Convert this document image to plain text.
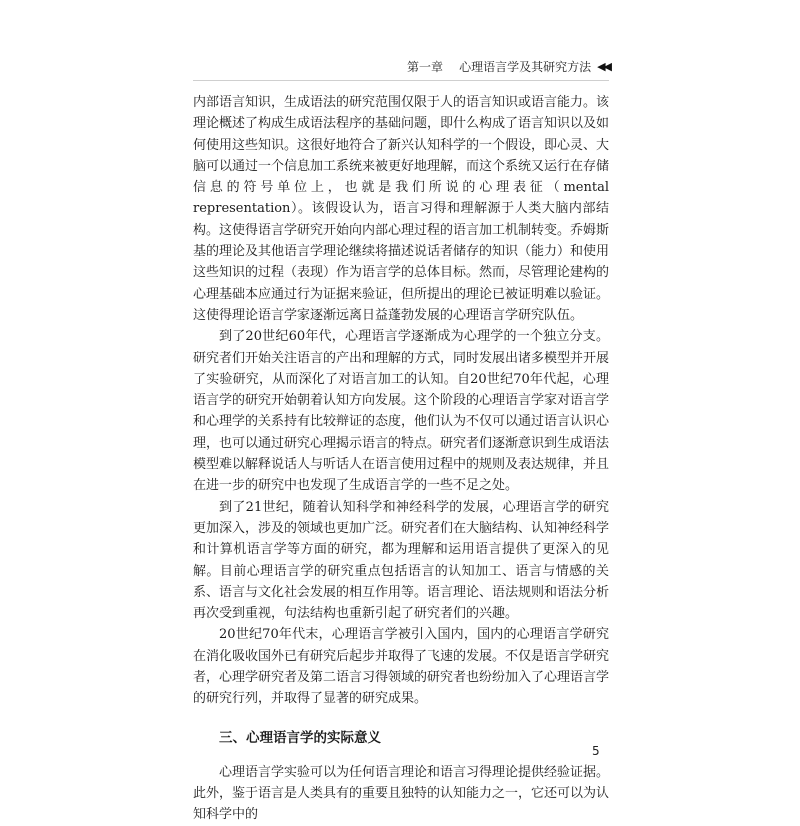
第一章 心理语言学及其研究方法 ◀◀

内部语言知识，生成语法的研究范围仅限于人的语言知识或语言能力。该理论概述了构成生成语法程序的基础问题，即什么构成了语言知识以及如何使用这些知识。这很好地符合了新兴认知科学的一个假设，即心灵、大脑可以通过一个信息加工系统来被更好地理解，而这个系统又运行在存储信息的符号单位上，也就是我们所说的心理表征（mental representation）。该假设认为，语言习得和理解源于人类大脑内部结构。这使得语言学研究开始向内部心理过程的语言加工机制转变。乔姆斯基的理论及其他语言学理论继续将描述说话者储存的知识（能力）和使用这些知识的过程（表现）作为语言学的总体目标。然而，尽管理论建构的心理基础本应通过行为证据来验证，但所提出的理论已被证明难以验证。这使得理论语言学家逐渐远离日益蓬勃发展的心理语言学研究队伍。

到了20世纪60年代，心理语言学逐渐成为心理学的一个独立分支。研究者们开始关注语言的产出和理解的方式，同时发展出诸多模型并开展了实验研究，从而深化了对语言加工的认知。自20世纪70年代起，心理语言学的研究开始朝着认知方向发展。这个阶段的心理语言学家对语言学和心理学的关系持有比较辩证的态度，他们认为不仅可以通过语言认识心理，也可以通过研究心理揭示语言的特点。研究者们逐渐意识到生成语法模型难以解释说话人与听话人在语言使用过程中的规则及表达规律，并且在进一步的研究中也发现了生成语言学的一些不足之处。

到了21世纪，随着认知科学和神经科学的发展，心理语言学的研究更加深入，涉及的领域也更加广泛。研究者们在大脑结构、认知神经科学和计算机语言学等方面的研究，都为理解和运用语言提供了更深入的见解。目前心理语言学的研究重点包括语言的认知加工、语言与情感的关系、语言与文化社会发展的相互作用等。语言理论、语法规则和语法分析再次受到重视，句法结构也重新引起了研究者们的兴趣。

20世纪70年代末，心理语言学被引入国内，国内的心理语言学研究在消化吸收国外已有研究后起步并取得了飞速的发展。不仅是语言学研究者，心理学研究者及第二语言习得领域的研究者也纷纷加入了心理语言学的研究行列，并取得了显著的研究成果。

三、心理语言学的实际意义

心理语言学实验可以为任何语言理论和语言习得理论提供经验证据。此外，鉴于语言是人类具有的重要且独特的认知能力之一，它还可以为认知科学中的

5
